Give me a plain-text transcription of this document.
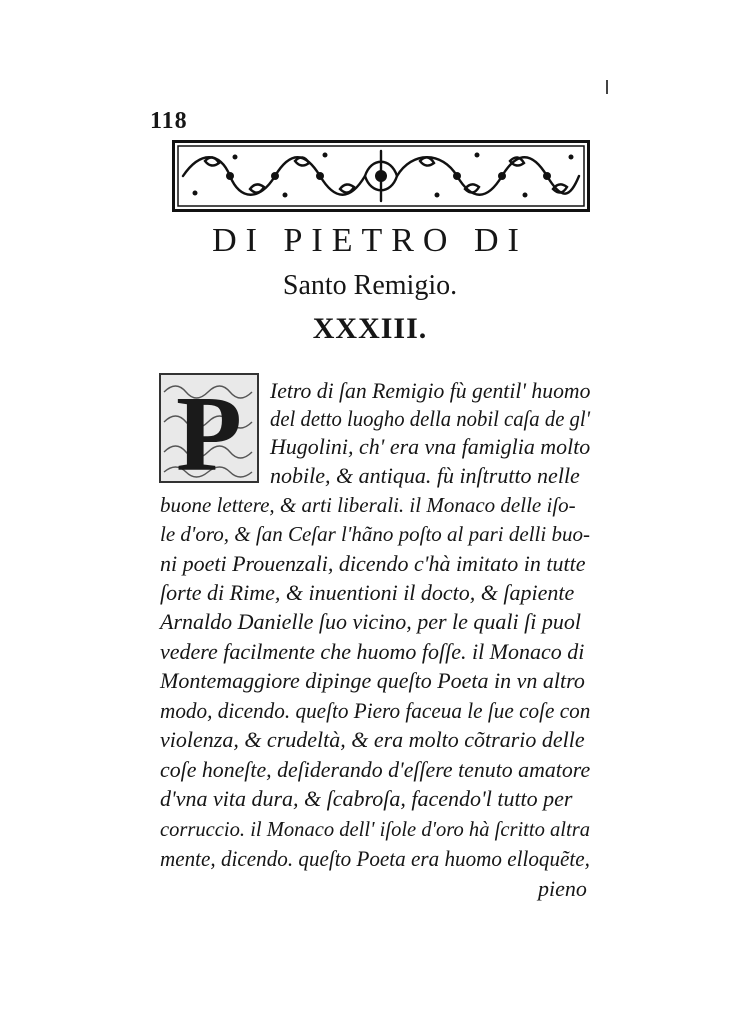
118
DI PIETRO DI
Santo Remigio.
XXXIII.
P Ietro di ſan Remigio fù gentil' huomo
del detto luogho della nobil caſa de gl'
Hugolini, ch' era vna famiglia molto
nobile, & antiqua. fù inſtrutto nelle
buone lettere, & arti liberali. il Monaco delle iſo-
le d'oro, & ſan Ceſar l'hãno poſto al pari delli buo-
ni poeti Prouenzali, dicendo c'hà imitato in tutte
ſorte di Rime, & inuentioni il docto, & ſapiente
Arnaldo Danielle ſuo vicino, per le quali ſi puol
vedere facilmente che huomo foſſe. il Monaco di
Montemaggiore dipinge queſto Poeta in vn altro
modo, dicendo. queſto Piero faceua le ſue coſe con
violenza, & crudeltà, & era molto cõtrario delle
coſe honeſte, deſiderando d'eſſere tenuto amatore
d'vna vita dura, & ſcabroſa, facendo'l tutto per
corruccio. il Monaco dell' iſole d'oro hà ſcritto altra
mente, dicendo. queſto Poeta era huomo elloquẽte,
pieno
